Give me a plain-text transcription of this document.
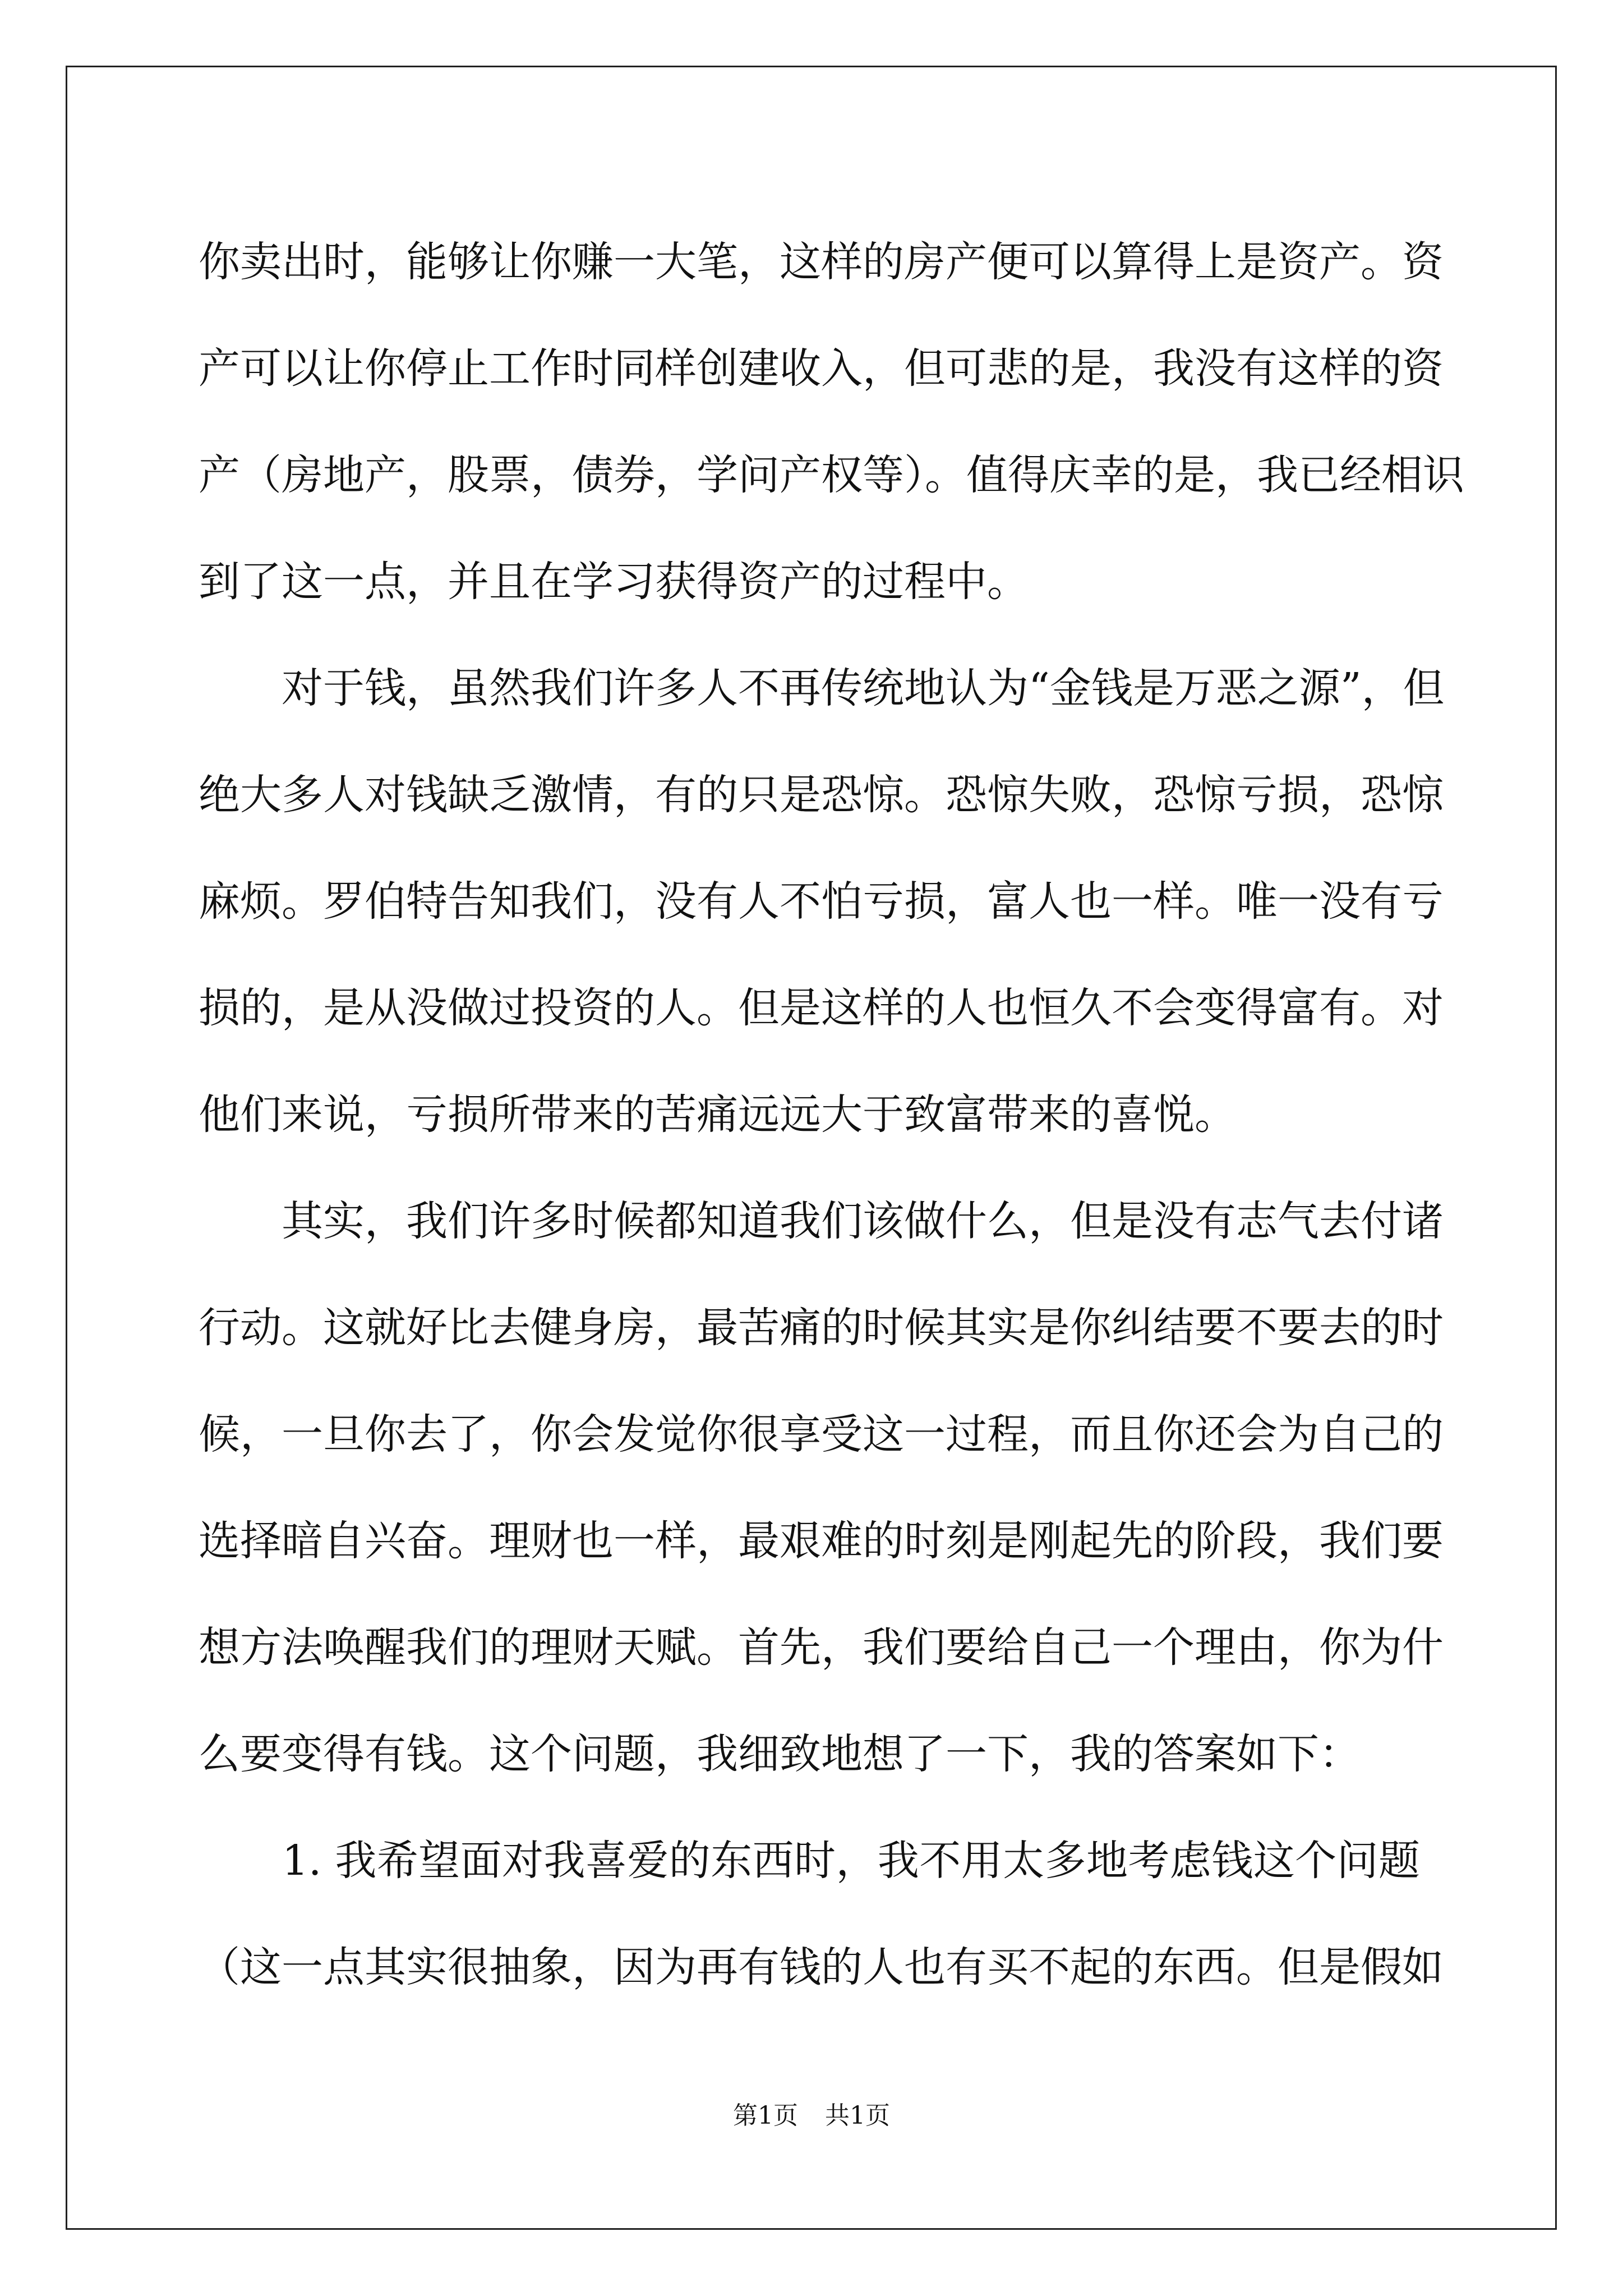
你卖出时，能够让你赚一大笔，这样的房产便可以算得上是资产。资
产可以让你停止工作时同样创建收入，但可悲的是，我没有这样的资
产（房地产，股票，债券，学问产权等）。值得庆幸的是，我已经相识
到了这一点，并且在学习获得资产的过程中。
　　对于钱，虽然我们许多人不再传统地认为“金钱是万恶之源”，但
绝大多人对钱缺乏激情，有的只是恐惊。恐惊失败，恐惊亏损，恐惊
麻烦。罗伯特告知我们，没有人不怕亏损，富人也一样。唯一没有亏
损的，是从没做过投资的人。但是这样的人也恒久不会变得富有。对
他们来说，亏损所带来的苦痛远远大于致富带来的喜悦。
　　其实，我们许多时候都知道我们该做什么，但是没有志气去付诸
行动。这就好比去健身房，最苦痛的时候其实是你纠结要不要去的时
候，一旦你去了，你会发觉你很享受这一过程，而且你还会为自己的
选择暗自兴奋。理财也一样，最艰难的时刻是刚起先的阶段，我们要
想方法唤醒我们的理财天赋。首先，我们要给自己一个理由，你为什
么要变得有钱。这个问题，我细致地想了一下，我的答案如下：
　　1. 我希望面对我喜爱的东西时，我不用太多地考虑钱这个问题
（这一点其实很抽象，因为再有钱的人也有买不起的东西。但是假如
第1页 共1页
